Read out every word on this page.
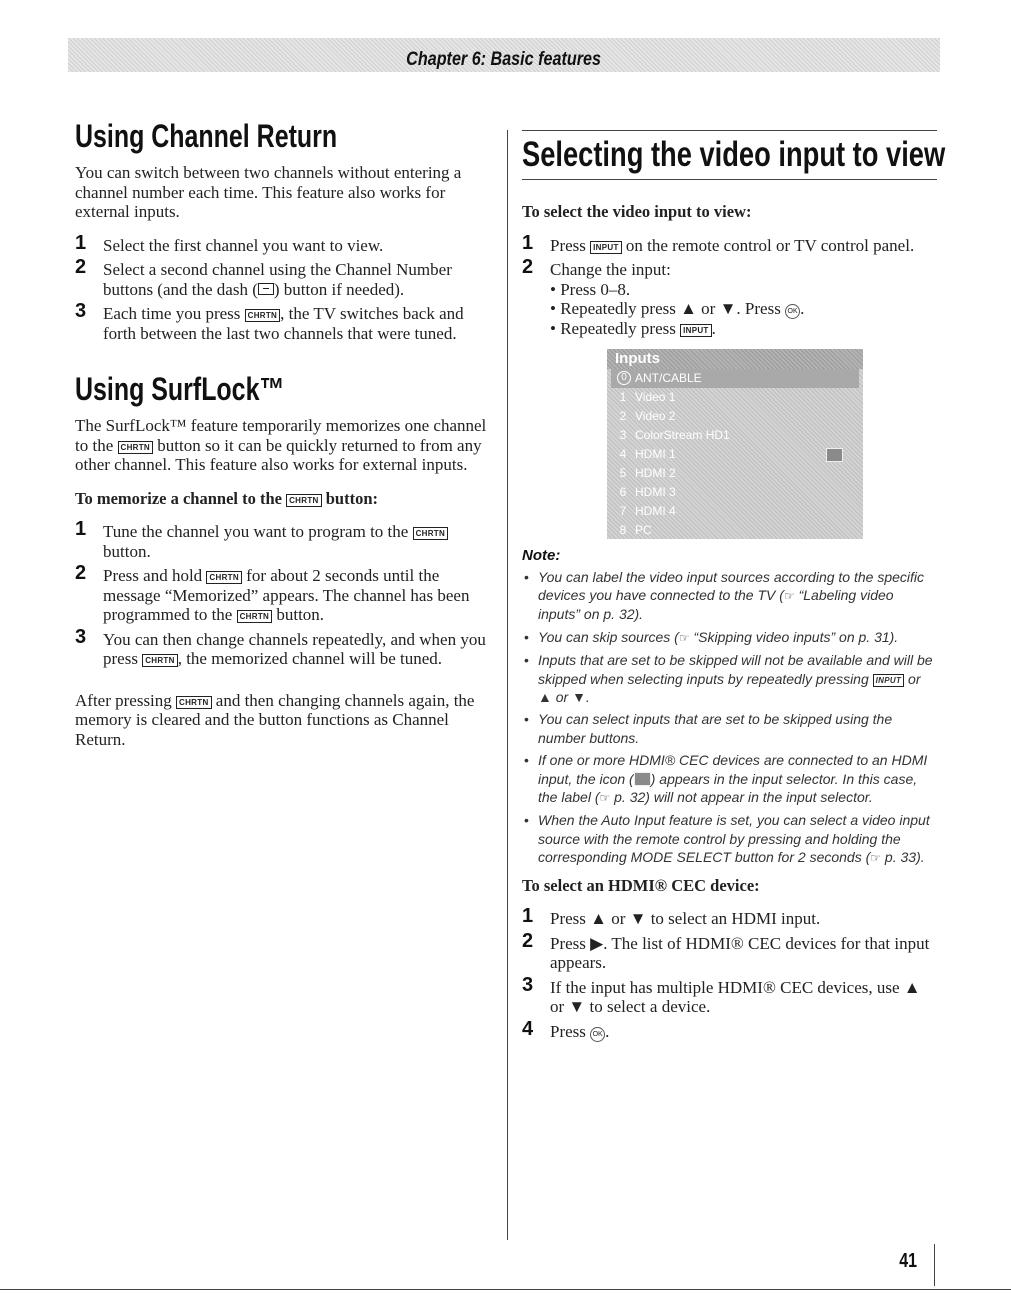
Chapter 6: Basic features
Using Channel Return

You can switch between two channels without entering a channel number each time. This feature also works for external inputs.

1 Select the first channel you want to view.
2 Select a second channel using the Channel Number buttons (and the dash ( ) button if needed).
3 Each time you press CHRTN , the TV switches back and forth between the last two channels that were tuned.
Using SurfLock™

The SurfLock™ feature temporarily memorizes one channel to the CHRTN button so it can be quickly returned to from any other channel. This feature also works for external inputs.

To memorize a channel to the CHRTN button:

1 Tune the channel you want to program to the CHRTN button.
2 Press and hold CHRTN for about 2 seconds until the message “Memorized” appears. The channel has been programmed to the CHRTN button.
3 You can then change channels repeatedly, and when you press CHRTN , the memorized channel will be tuned.

After pressing CHRTN and then changing channels again, the memory is cleared and the button functions as Channel Return.

Selecting the video input to view

To select the video input to view:

1 Press INPUT on the remote control or TV control panel.
2 Change the input:
• Press 0–8.
• Repeatedly press ▲ or ▼. Press OK .
• Repeatedly press INPUT .
Inputs
0 ANT/CABLE
1 Video 1
2 Video 2
3 ColorStream HD1
4 HDMI 1
5 HDMI 2
6 HDMI 3
7 HDMI 4
8 PC
Note:
• You can label the video input sources according to the specific devices you have connected to the TV (☞ “Labeling video inputs” on p. 32).
• You can skip sources (☞ “Skipping video inputs” on p. 31).
• Inputs that are set to be skipped will not be available and will be skipped when selecting inputs by repeatedly pressing INPUT or ▲ or ▼.
• You can select inputs that are set to be skipped using the number buttons.
• If one or more HDMI® CEC devices are connected to an HDMI input, the icon ( ) appears in the input selector. In this case, the label (☞ p. 32) will not appear in the input selector.
• When the Auto Input feature is set, you can select a video input source with the remote control by pressing and holding the corresponding MODE SELECT button for 2 seconds (☞ p. 33).

To select an HDMI® CEC device:

1 Press ▲ or ▼ to select an HDMI input.
2 Press ▶. The list of HDMI® CEC devices for that input appears.
3 If the input has multiple HDMI® CEC devices, use ▲ or ▼ to select a device.
4 Press OK .
41
